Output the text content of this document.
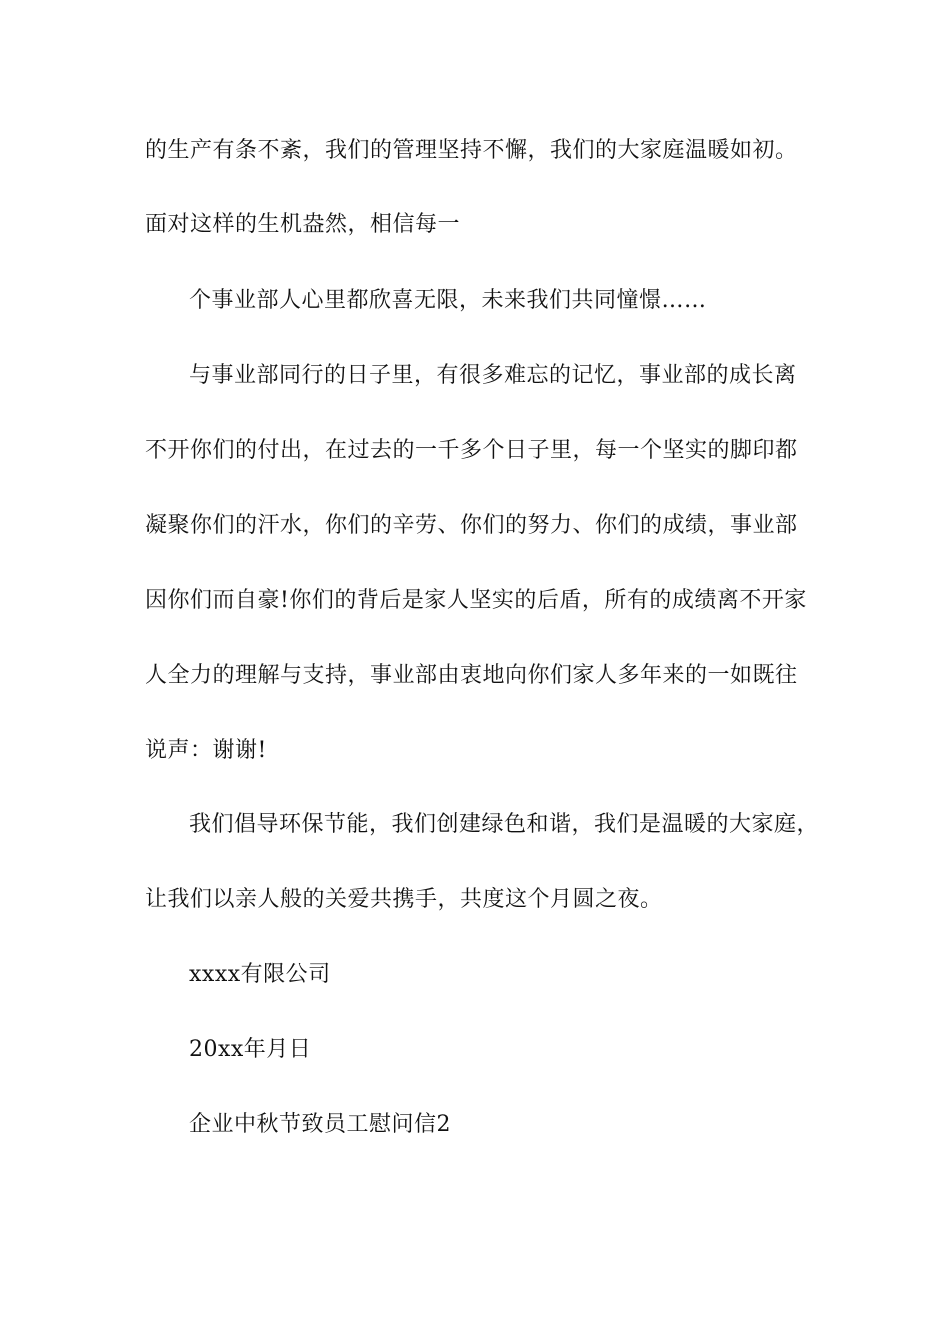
的生产有条不紊，我们的管理坚持不懈，我们的大家庭温暖如初。
面对这样的生机盎然，相信每一
个事业部人心里都欣喜无限，未来我们共同憧憬……
与事业部同行的日子里，有很多难忘的记忆，事业部的成长离
不开你们的付出，在过去的一千多个日子里，每一个坚实的脚印都
凝聚你们的汗水，你们的辛劳、你们的努力、你们的成绩，事业部
因你们而自豪!你们的背后是家人坚实的后盾，所有的成绩离不开家
人全力的理解与支持，事业部由衷地向你们家人多年来的一如既往
说声：谢谢!
我们倡导环保节能，我们创建绿色和谐，我们是温暖的大家庭，
让我们以亲人般的关爱共携手，共度这个月圆之夜。
xxxx有限公司
20xx年月日
企业中秋节致员工慰问信2
